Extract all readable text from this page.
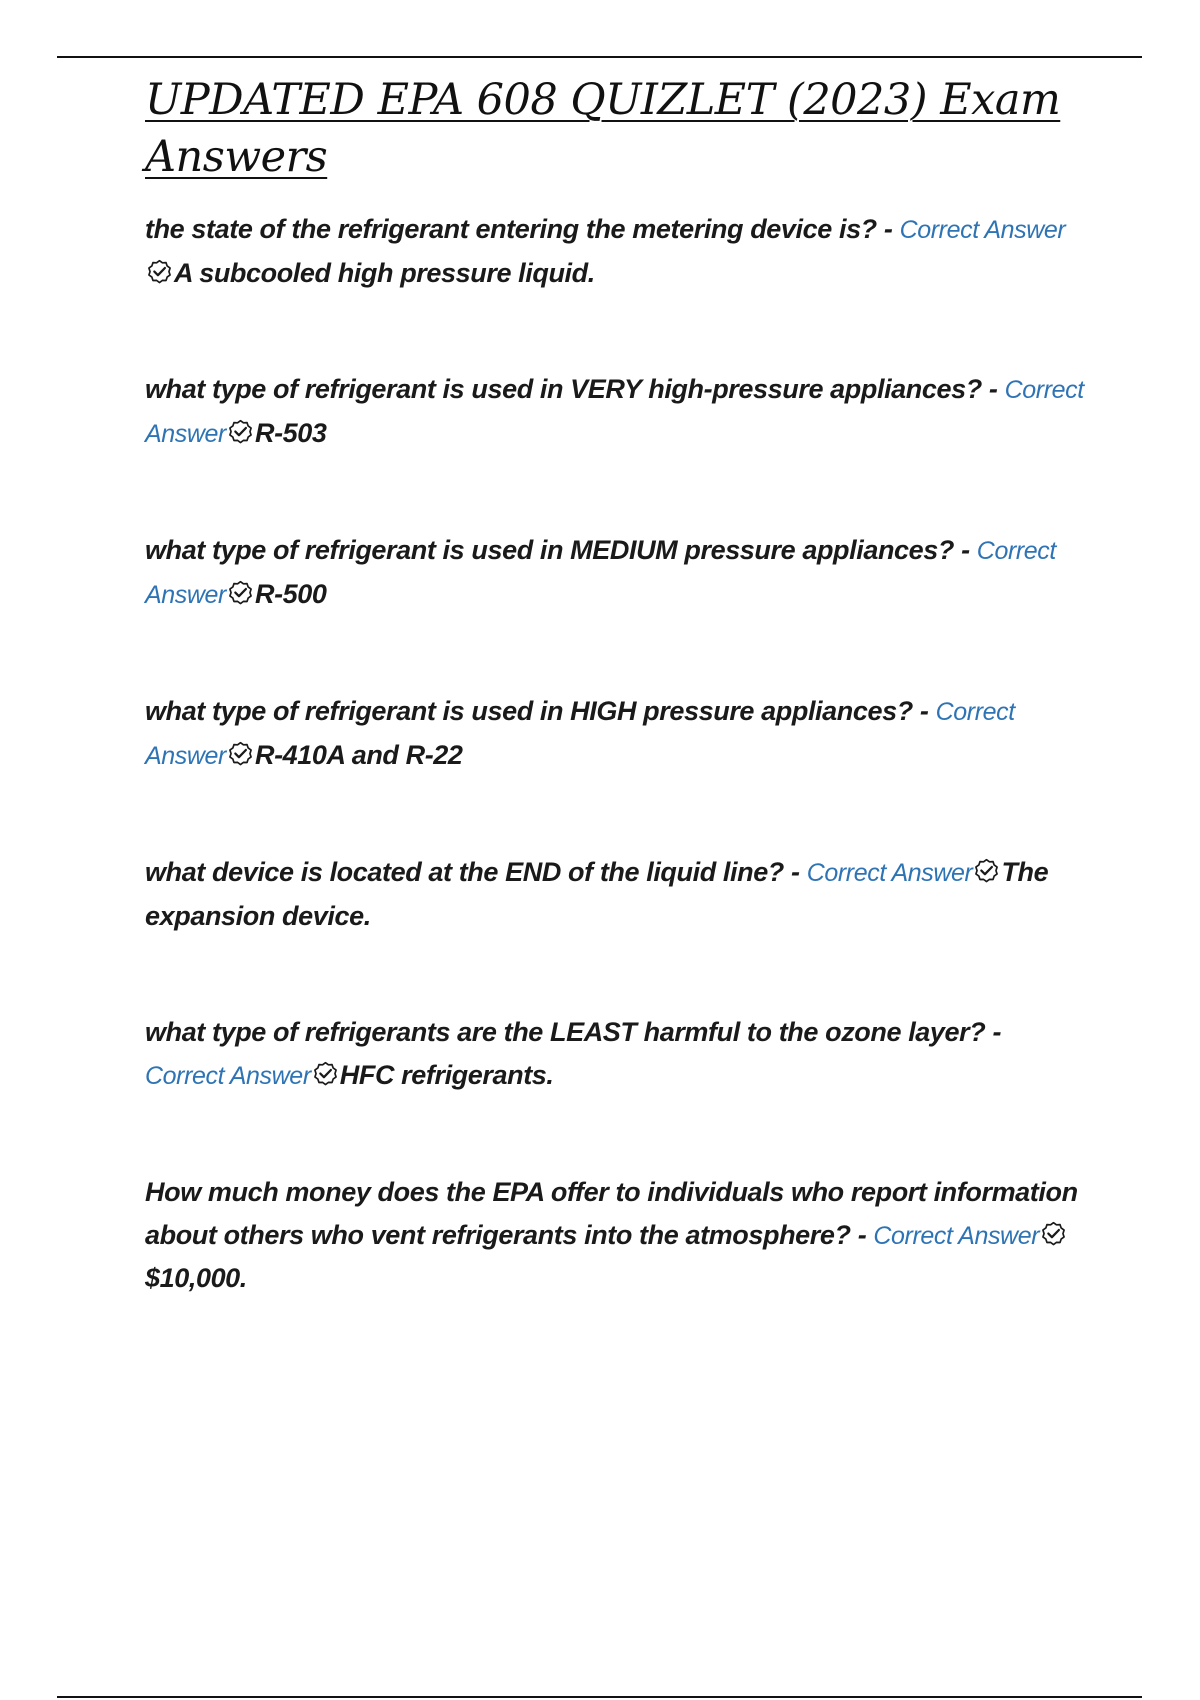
UPDATED EPA 608 QUIZLET (2023) Exam Answers

the state of the refrigerant entering the metering device is? - Correct Answer
A subcooled high pressure liquid.

what type of refrigerant is used in VERY high-pressure appliances? - Correct Answer R-503

what type of refrigerant is used in MEDIUM pressure appliances? - Correct Answer R-500

what type of refrigerant is used in HIGH pressure appliances? - Correct Answer R-410A and R-22

what device is located at the END of the liquid line? - Correct Answer The expansion device.

what type of refrigerants are the LEAST harmful to the ozone layer? - Correct Answer HFC refrigerants.

How much money does the EPA offer to individuals who report information about others who vent refrigerants into the atmosphere? - Correct Answer
$10,000.
